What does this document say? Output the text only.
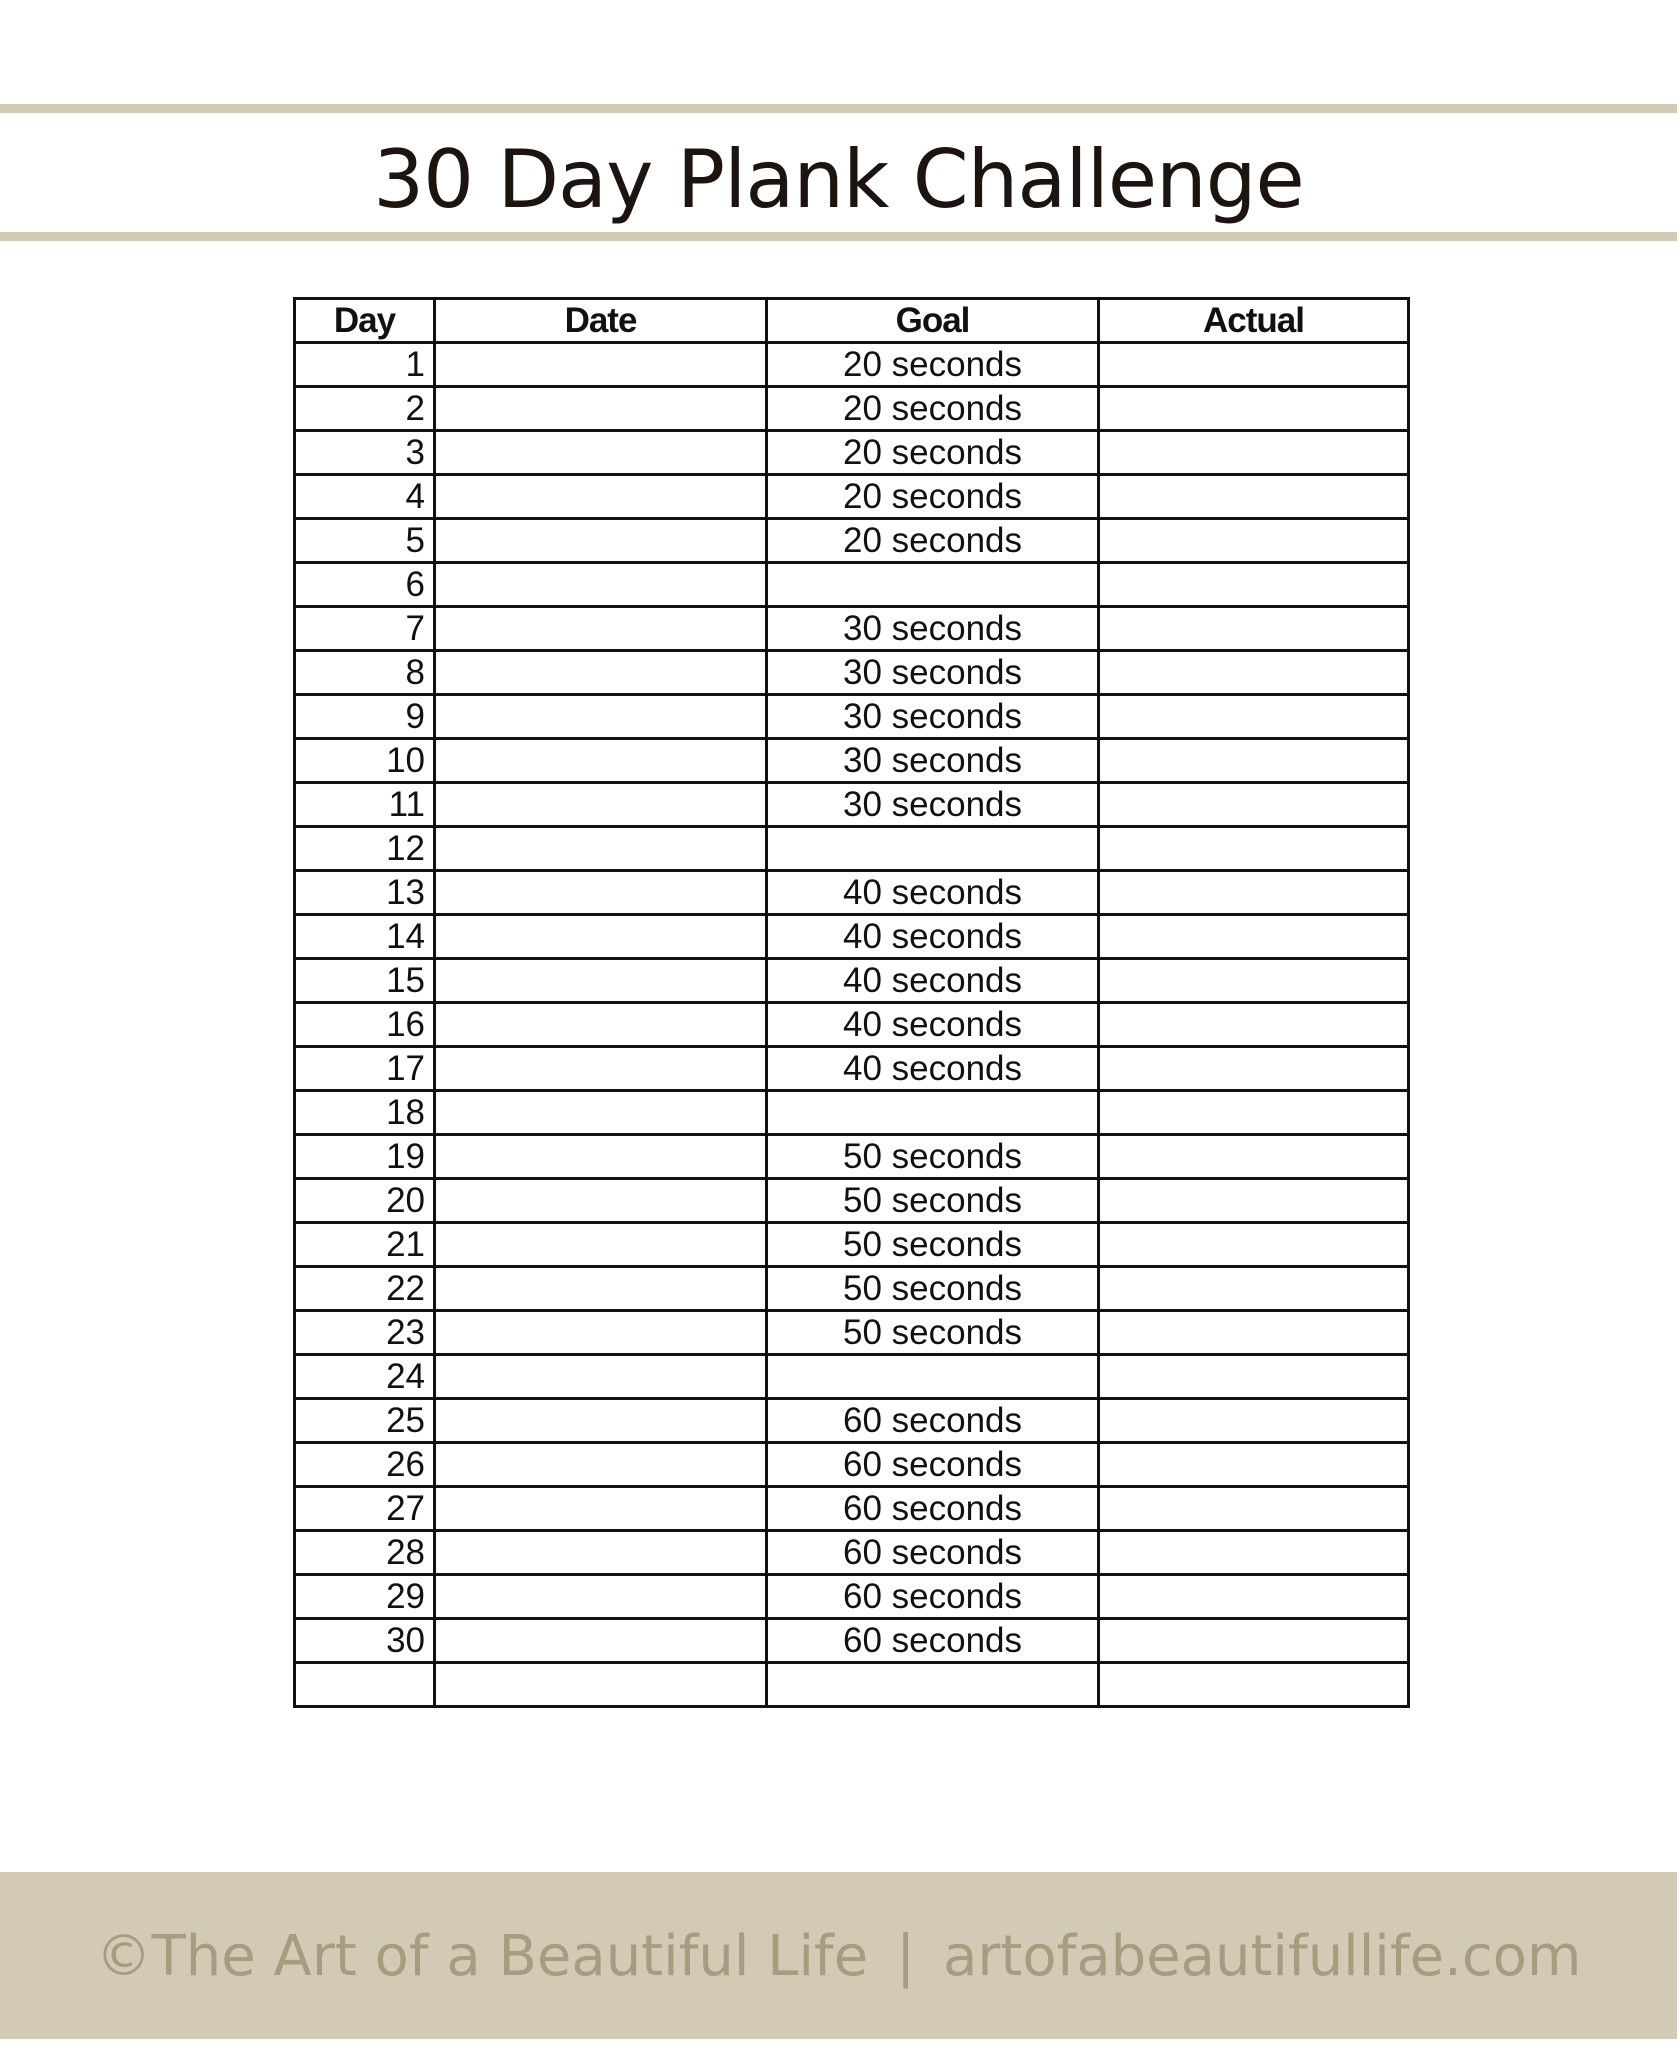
30 Day Plank Challenge
Day	Date	Goal	Actual
1		20 seconds	
2		20 seconds	
3		20 seconds	
4		20 seconds	
5		20 seconds	
6			
7		30 seconds	
8		30 seconds	
9		30 seconds	
10		30 seconds	
11		30 seconds	
12			
13		40 seconds	
14		40 seconds	
15		40 seconds	
16		40 seconds	
17		40 seconds	
18			
19		50 seconds	
20		50 seconds	
21		50 seconds	
22		50 seconds	
23		50 seconds	
24			
25		60 seconds	
26		60 seconds	
27		60 seconds	
28		60 seconds	
29		60 seconds	
30		60 seconds	

©The Art of a Beautiful Life | artofabeautifullife.com
